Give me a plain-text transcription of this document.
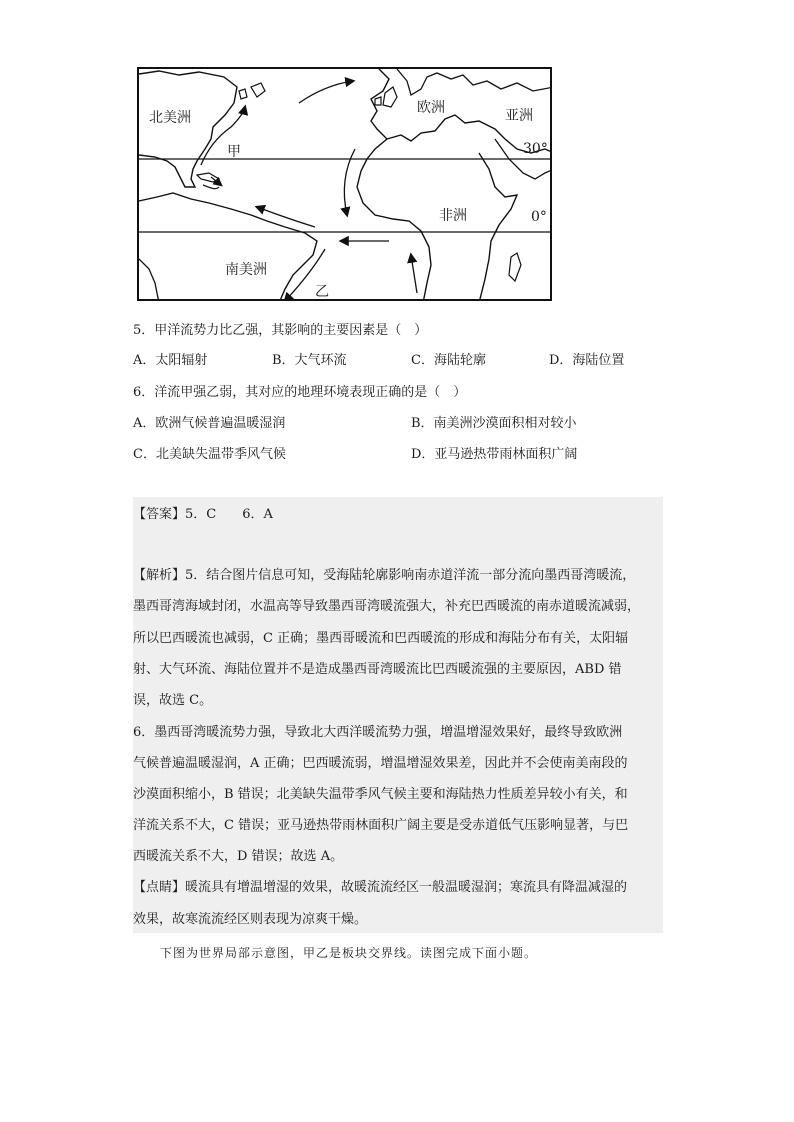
北美洲
欧洲	亚洲
非洲
南美洲
甲
乙
30°
0°
5．甲洋流势力比乙强，其影响的主要因素是（　）
A．太阳辐射	B．大气环流	C．海陆轮廓	D．海陆位置
6．洋流甲强乙弱，其对应的地理环境表现正确的是（　）
A．欧洲气候普遍温暖湿润	B．南美洲沙漠面积相对较小
C．北美缺失温带季风气候	D．亚马逊热带雨林面积广阔
【答案】5．C　　6．A
【解析】5．结合图片信息可知，受海陆轮廓影响南赤道洋流一部分流向墨西哥湾暖流，
墨西哥湾海域封闭，水温高等导致墨西哥湾暖流强大，补充巴西暖流的南赤道暖流减弱，
所以巴西暖流也减弱，C 正确；墨西哥暖流和巴西暖流的形成和海陆分布有关，太阳辐
射、大气环流、海陆位置并不是造成墨西哥湾暖流比巴西暖流强的主要原因，ABD 错
误，故选 C。
6．墨西哥湾暖流势力强，导致北大西洋暖流势力强，增温增湿效果好，最终导致欧洲
气候普遍温暖湿润，A 正确；巴西暖流弱，增温增湿效果差，因此并不会使南美南段的
沙漠面积缩小，B 错误；北美缺失温带季风气候主要和海陆热力性质差异较小有关，和
洋流关系不大，C 错误；亚马逊热带雨林面积广阔主要是受赤道低气压影响显著，与巴
西暖流关系不大，D 错误；故选 A。
【点睛】暖流具有增温增湿的效果，故暖流流经区一般温暖湿润；寒流具有降温减湿的
效果，故寒流流经区则表现为凉爽干燥。
下图为世界局部示意图，甲乙是板块交界线。读图完成下面小题。
